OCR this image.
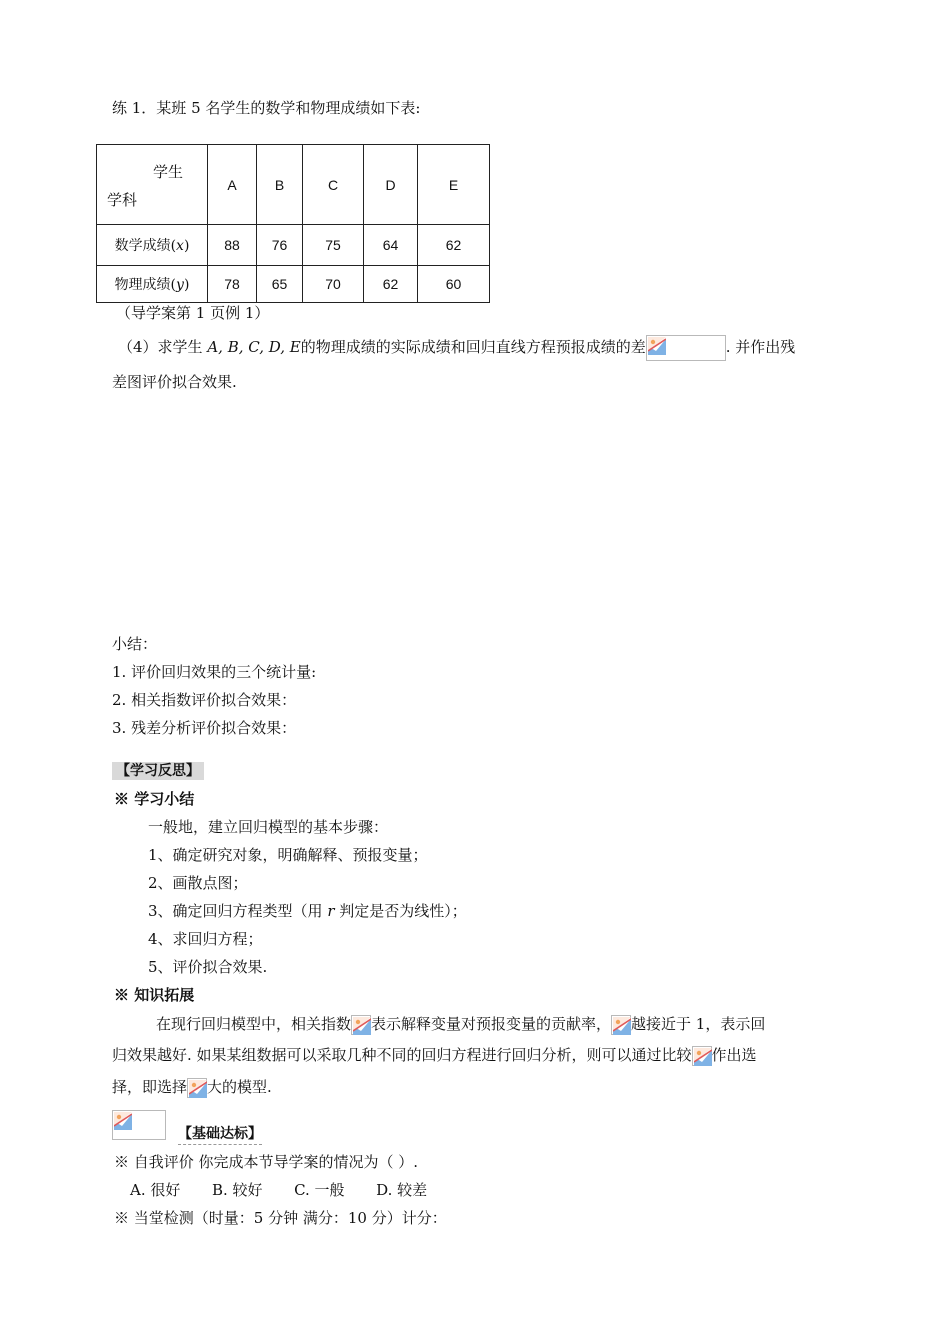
练 1．某班 5 名学生的数学和物理成绩如下表:
学生
学科	A	B	C	D	E
数学成绩(x)	88	76	75	64	62
物理成绩(y)	78	65	70	62	60
（导学案第 1 页例 1）
（4）求学生 A, B, C, D, E的物理成绩的实际成绩和回归直线方程预报成绩的差	. 并作出残
差图评价拟合效果.
小结：
1. 评价回归效果的三个统计量:
2. 相关指数评价拟合效果：
3. 残差分析评价拟合效果：
【学习反思】
※ 学习小结
一般地，建立回归模型的基本步骤：
1、确定研究对象，明确解释、预报变量；
2、画散点图；
3、确定回归方程类型（用 r 判定是否为线性）；
4、求回归方程；
5、评价拟合效果.
※ 知识拓展
在现行回归模型中，相关指数 表示解释变量对预报变量的贡献率， 越接近于 1，表示回
归效果越好. 如果某组数据可以采取几种不同的回归方程进行回归分析，则可以通过比较 作出选
择，即选择 大的模型.
【基础达标】
※ 自我评价 你完成本节导学案的情况为（ ）.
A. 很好 B. 较好 C. 一般 D. 较差
※ 当堂检测（时量：5 分钟 满分：10 分）计分：
